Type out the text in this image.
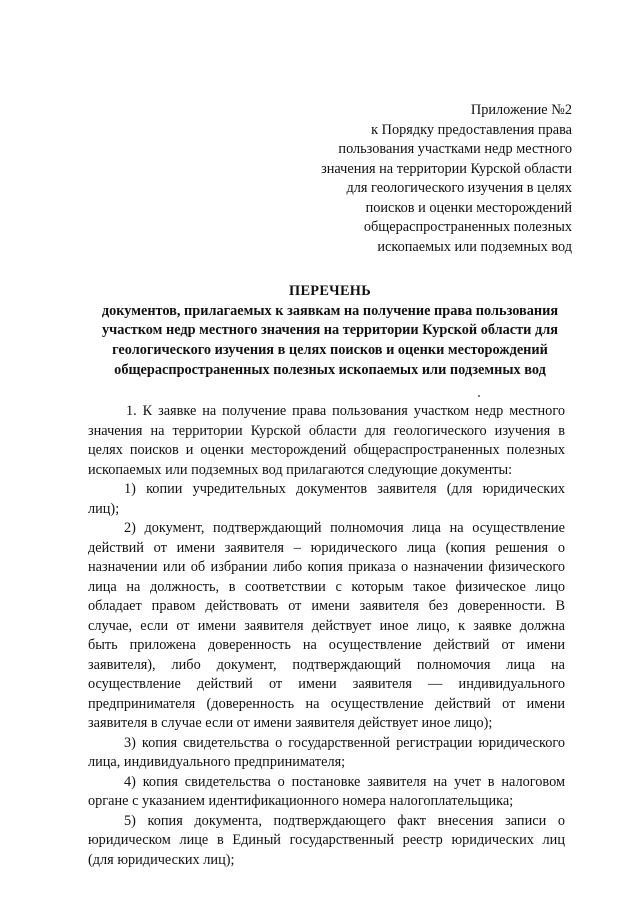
Приложение №2
к Порядку предоставления права
пользования участками недр местного
значения на территории Курской области
для геологического изучения в целях
поисков и оценки месторождений
общераспространенных полезных
ископаемых или подземных вод
ПЕРЕЧЕНЬ
документов, прилагаемых к заявкам на получение права пользования
участком недр местного значения на территории Курской области для
геологического изучения в целях поисков и оценки месторождений
общераспространенных полезных ископаемых или подземных вод
1. К заявке на получение права пользования участком недр местного
значения на территории Курской области для геологического изучения в
целях поисков и оценки месторождений общераспространенных полезных
ископаемых или подземных вод прилагаются следующие документы:
1) копии учредительных документов заявителя (для юридических
лиц);
2) документ, подтверждающий полномочия лица на осуществление
действий от имени заявителя – юридического лица (копия решения о
назначении или об избрании либо копия приказа о назначении физического
лица на должность, в соответствии с которым такое физическое лицо
обладает правом действовать от имени заявителя без доверенности. В
случае, если от имени заявителя действует иное лицо, к заявке должна
быть приложена доверенность на осуществление действий от имени
заявителя), либо документ, подтверждающий полномочия лица на
осуществление действий от имени заявителя –– индивидуального
предпринимателя (доверенность на осуществление действий от имени
заявителя в случае если от имени заявителя действует иное лицо);
3) копия свидетельства о государственной регистрации юридического
лица, индивидуального предпринимателя;
4) копия свидетельства о постановке заявителя на учет в налоговом
органе с указанием идентификационного номера налогоплательщика;
5) копия документа, подтверждающего факт внесения записи о
юридическом лице в Единый государственный реестр юридических лиц
(для юридических лиц);
